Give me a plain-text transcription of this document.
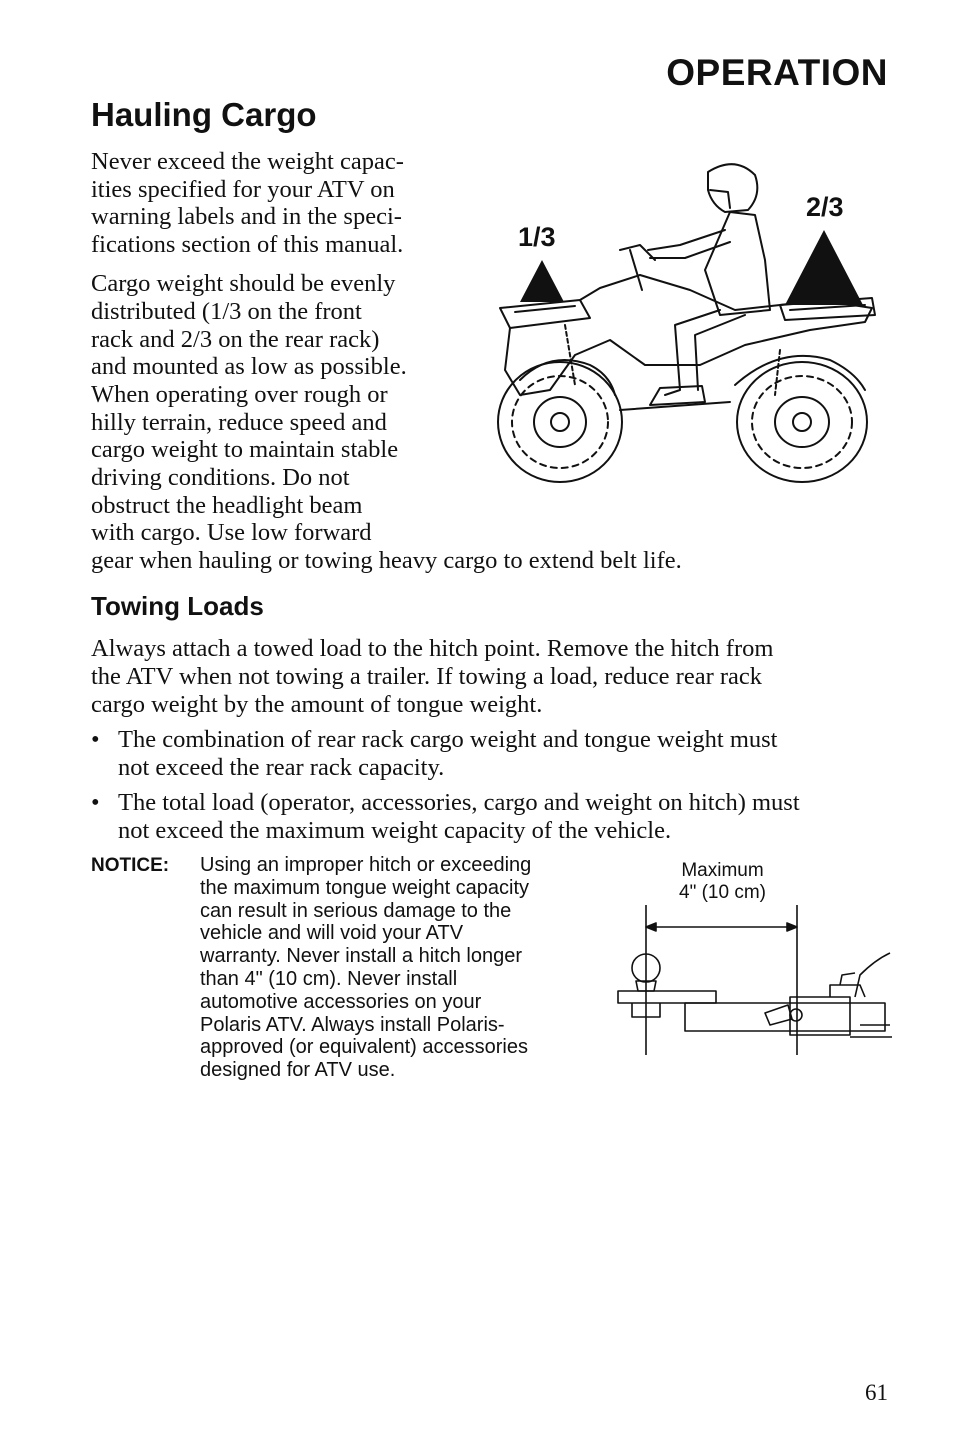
OPERATION
Hauling Cargo
Never exceed the weight capac-
ities specified for your ATV on
warning labels and in the speci-
fications section of this manual.
Cargo weight should be evenly
distributed (1/3 on the front
rack and 2/3 on the rear rack)
and mounted as low as possible.
When operating over rough or
hilly terrain, reduce speed and
cargo weight to maintain stable
driving conditions. Do not
obstruct the headlight beam
with cargo. Use low forward
gear when hauling or towing heavy cargo to extend belt life.
1/3
2/3
Towing Loads
Always attach a towed load to the hitch point. Remove the hitch from
the ATV when not towing a trailer. If towing a load, reduce rear rack
cargo weight by the amount of tongue weight.
• The combination of rear rack cargo weight and tongue weight must
not exceed the rear rack capacity.
• The total load (operator, accessories, cargo and weight on hitch) must
not exceed the maximum weight capacity of the vehicle.
NOTICE: Using an improper hitch or exceeding
the maximum tongue weight capacity
can result in serious damage to the
vehicle and will void your ATV
warranty. Never install a hitch longer
than 4" (10 cm). Never install
automotive accessories on your
Polaris ATV. Always install Polaris-
approved (or equivalent) accessories
designed for ATV use.
Maximum
4" (10 cm)
61
